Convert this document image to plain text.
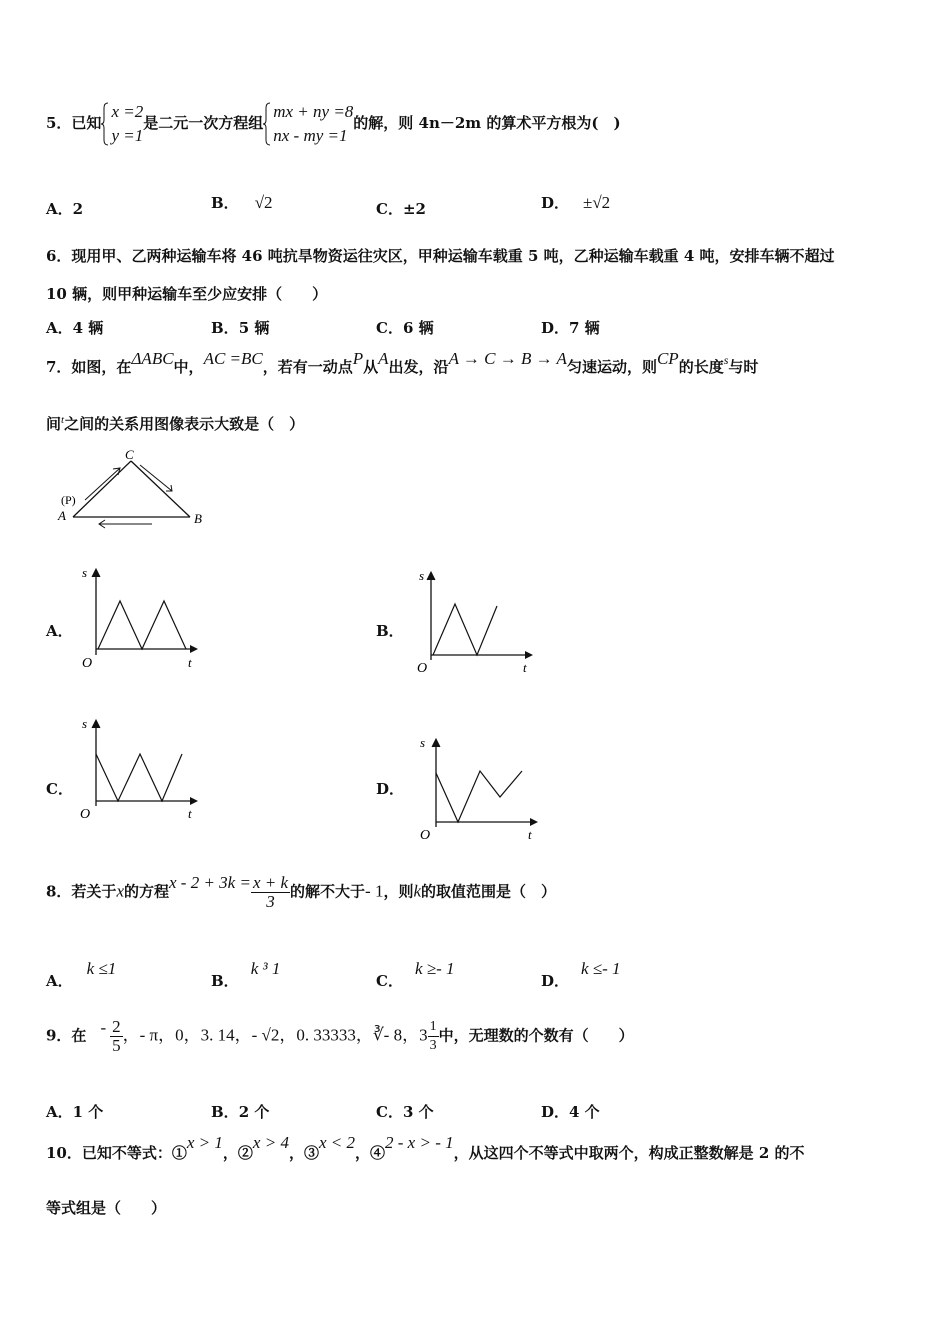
5．已知
x =2
y =1
是二元一次方程组
mx + ny =8
nx - my =1
的解，则 4n－2m 的算术平方根为(　)
A．2	B． √2	C．±2	D． ±√2
6．现用甲、乙两种运输车将 46 吨抗旱物资运往灾区，甲种运输车载重 5 吨，乙种运输车载重 4 吨，安排车辆不超过
10 辆，则甲种运输车至少应安排（　　）
A．4 辆	B．5 辆	C．6 辆	D．7 辆
7．如图，在ΔABC中，AC =BC，若有一动点P从A出发，沿A → C → B → A匀速运动，则CP的长度$^s$与时
间$^t$之间的关系用图像表示大致是（　）
C
A	B
(P)
A．
s
O	t
B．
s
O	t
C．
s
O	t
D．
s
O	t
8．若关于x的方程$x - 2 + 3k = \frac{x + k}{3}$ 的解不大于- 1，则k的取值范围是（　）
A．k ≤1
B．k ³ 1
C．k ≥- 1
D．k ≤- 1
9．在 - $\frac{2}{5}$ ，- π，0，3. 14，- √2，0. 33333，∛- 8，$3 \frac{1}{3}$ 中，无理数的个数有（　　）
A．1 个	B．2 个	C．3 个	D．4 个
10．已知不等式：①x > 1，②x > 4，③x < 2，④2 - x > - 1，从这四个不等式中取两个，构成正整数解是 2 的不
等式组是（　　）
